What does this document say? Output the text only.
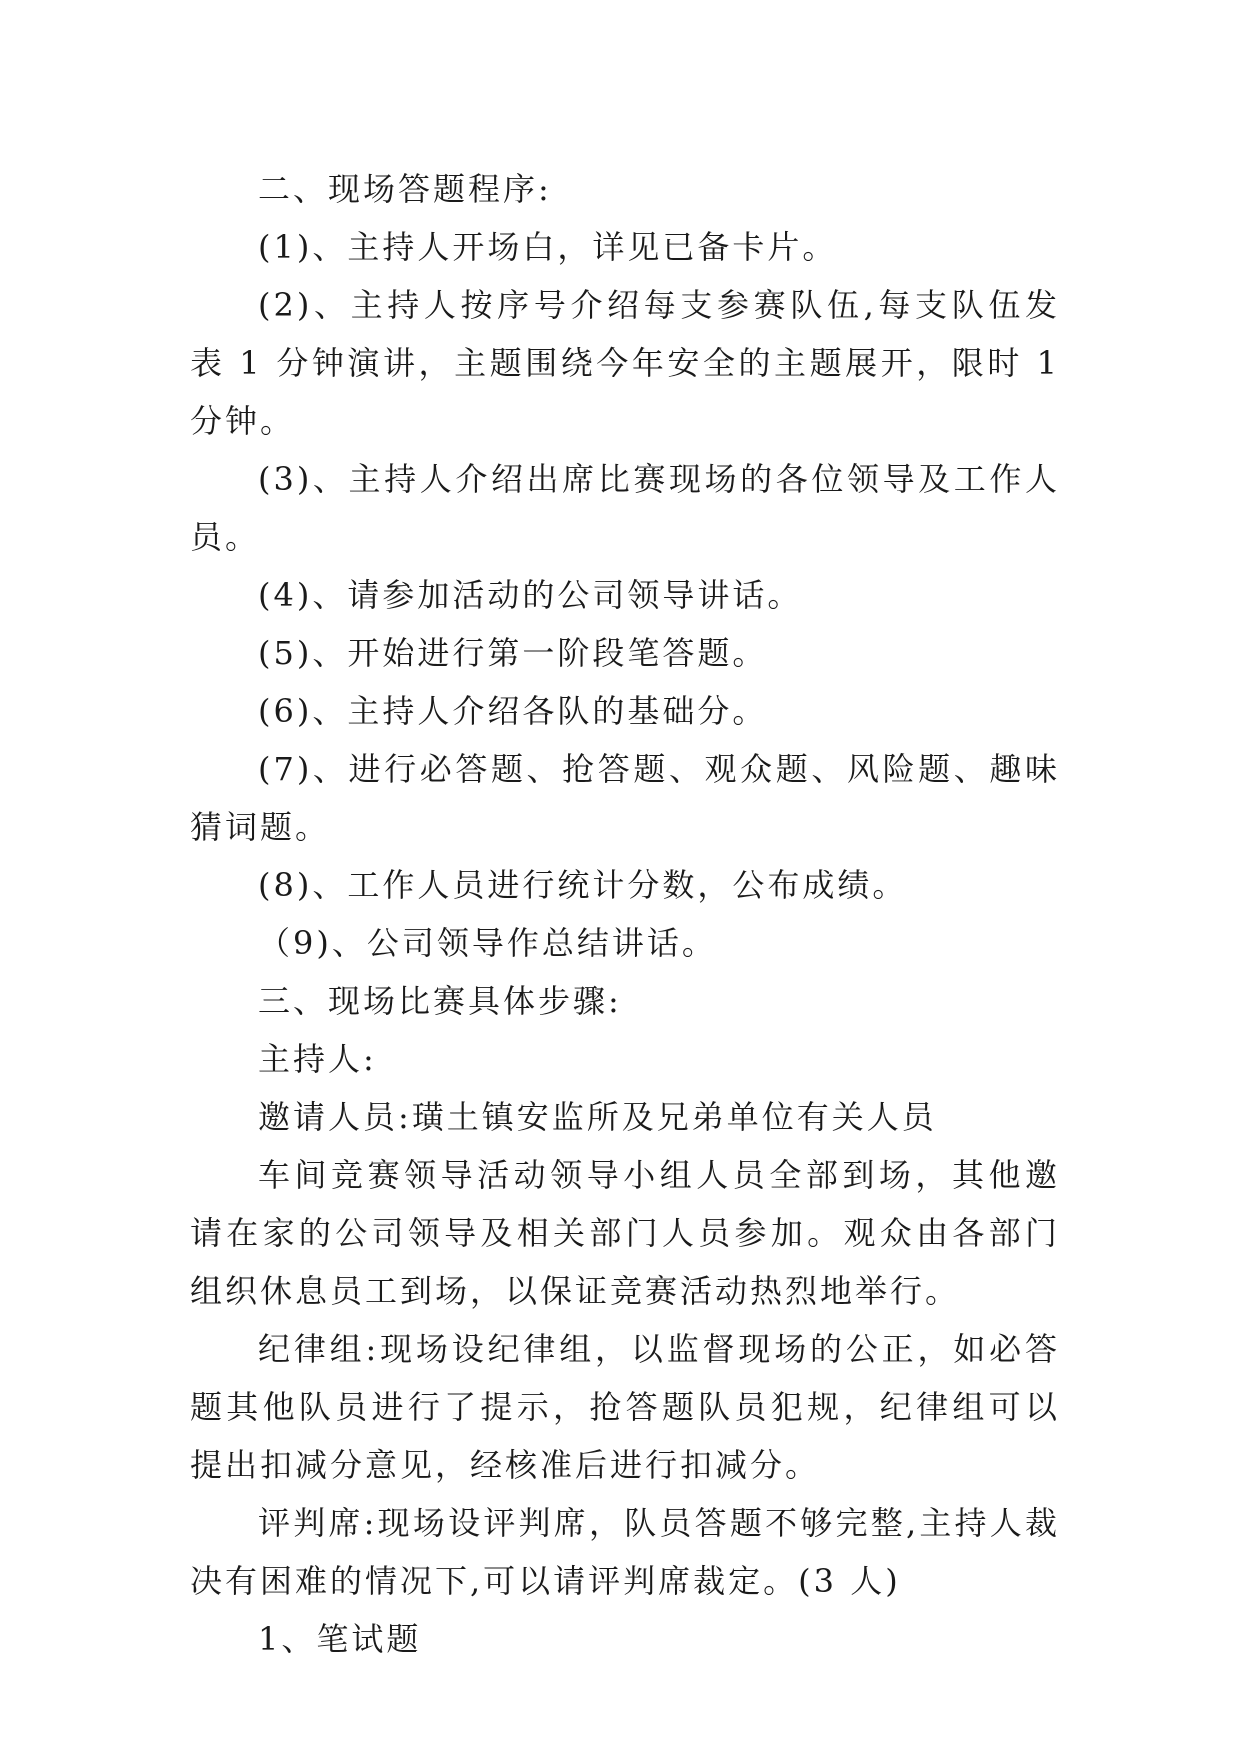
二、现场答题程序:

(1)、主持人开场白，详见已备卡片。

(2)、主持人按序号介绍每支参赛队伍,每支队伍发表 1 分钟演讲，主题围绕今年安全的主题展开，限时 1 分钟。

(3)、主持人介绍出席比赛现场的各位领导及工作人员。

(4)、请参加活动的公司领导讲话。

(5)、开始进行第一阶段笔答题。

(6)、主持人介绍各队的基础分。

(7)、进行必答题、抢答题、观众题、风险题、趣味猜词题。

(8)、工作人员进行统计分数，公布成绩。

（9)、公司领导作总结讲话。

三、现场比赛具体步骤:

主持人:

邀请人员:璜土镇安监所及兄弟单位有关人员

车间竞赛领导活动领导小组人员全部到场，其他邀请在家的公司领导及相关部门人员参加。观众由各部门组织休息员工到场，以保证竞赛活动热烈地举行。

纪律组:现场设纪律组，以监督现场的公正，如必答题其他队员进行了提示，抢答题队员犯规，纪律组可以提出扣减分意见，经核准后进行扣减分。

评判席:现场设评判席，队员答题不够完整,主持人裁决有困难的情况下,可以请评判席裁定。(3 人)

1、笔试题
